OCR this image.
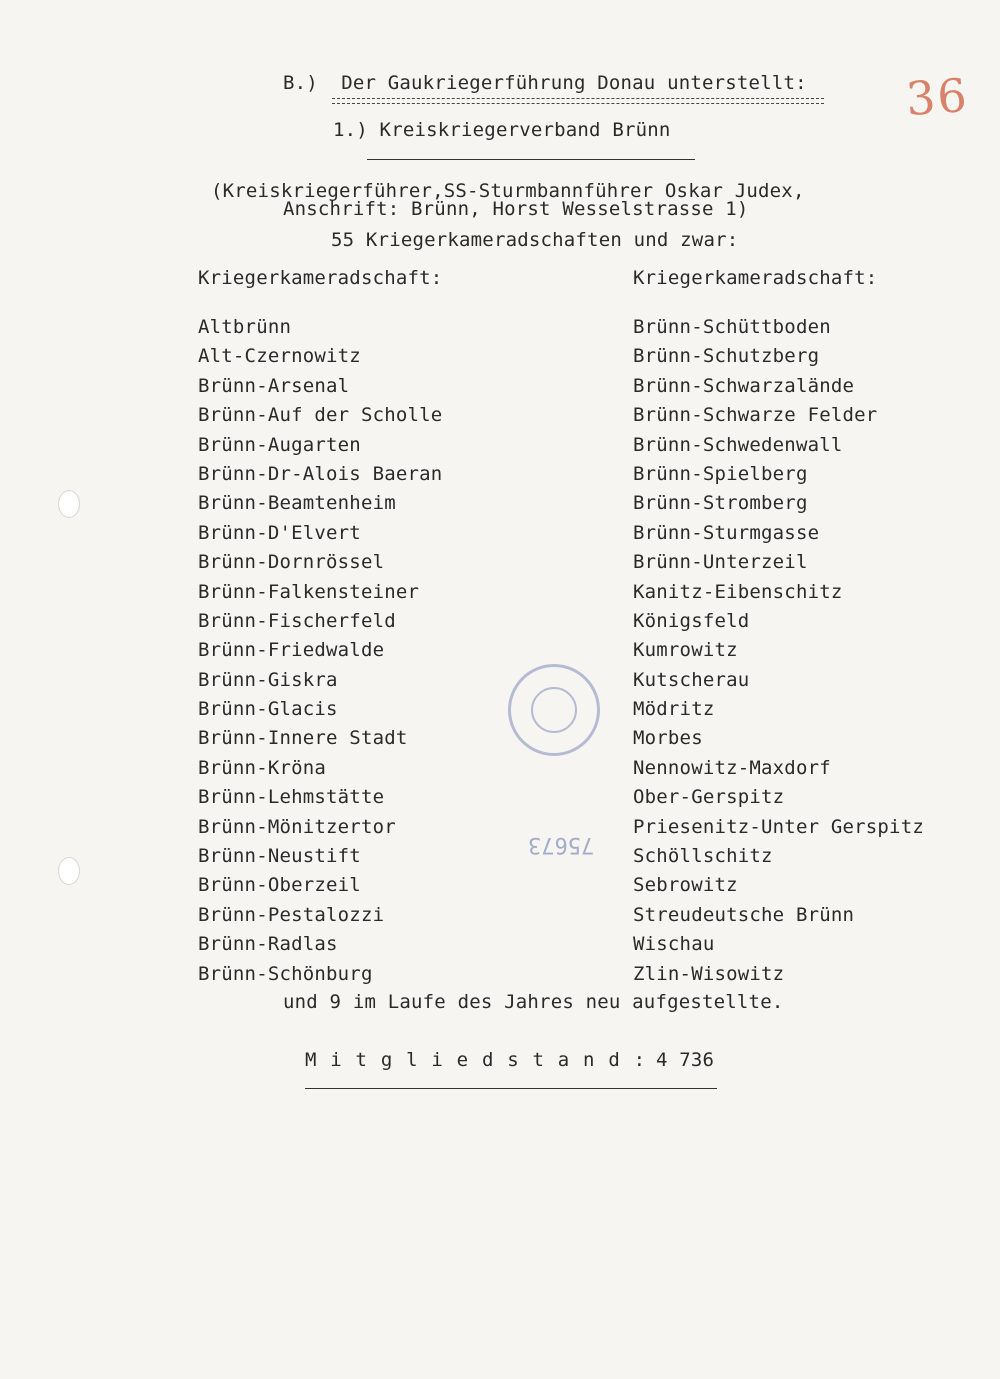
36
B.)  Der Gaukriegerführung Donau unterstellt:
1.) Kreiskriegerverband Brünn
(Kreiskriegerführer,SS-Sturmbannführer Oskar Judex,
Anschrift: Brünn, Horst Wesselstrasse 1)
55 Kriegerkameradschaften und zwar:
Kriegerkameradschaft:	Kriegerkameradschaft:
Altbrünn
Alt-Czernowitz
Brünn-Arsenal
Brünn-Auf der Scholle
Brünn-Augarten
Brünn-Dr-Alois Baeran
Brünn-Beamtenheim
Brünn-D'Elvert
Brünn-Dornrössel
Brünn-Falkensteiner
Brünn-Fischerfeld
Brünn-Friedwalde
Brünn-Giskra
Brünn-Glacis
Brünn-Innere Stadt
Brünn-Kröna
Brünn-Lehmstätte
Brünn-Mönitzertor
Brünn-Neustift
Brünn-Oberzeil
Brünn-Pestalozzi
Brünn-Radlas
Brünn-Schönburg
Brünn-Schüttboden
Brünn-Schutzberg
Brünn-Schwarzalände
Brünn-Schwarze Felder
Brünn-Schwedenwall
Brünn-Spielberg
Brünn-Stromberg
Brünn-Sturmgasse
Brünn-Unterzeil
Kanitz-Eibenschitz
Königsfeld
Kumrowitz
Kutscherau
Mödritz
Morbes
Nennowitz-Maxdorf
Ober-Gerspitz
Priesenitz-Unter Gerspitz
Schöllschitz
Sebrowitz
Streudeutsche Brünn
Wischau
Zlin-Wisowitz
75673
und 9 im Laufe des Jahres neu aufgestellte.
M i t g l i e d s t a n d : 4 736
